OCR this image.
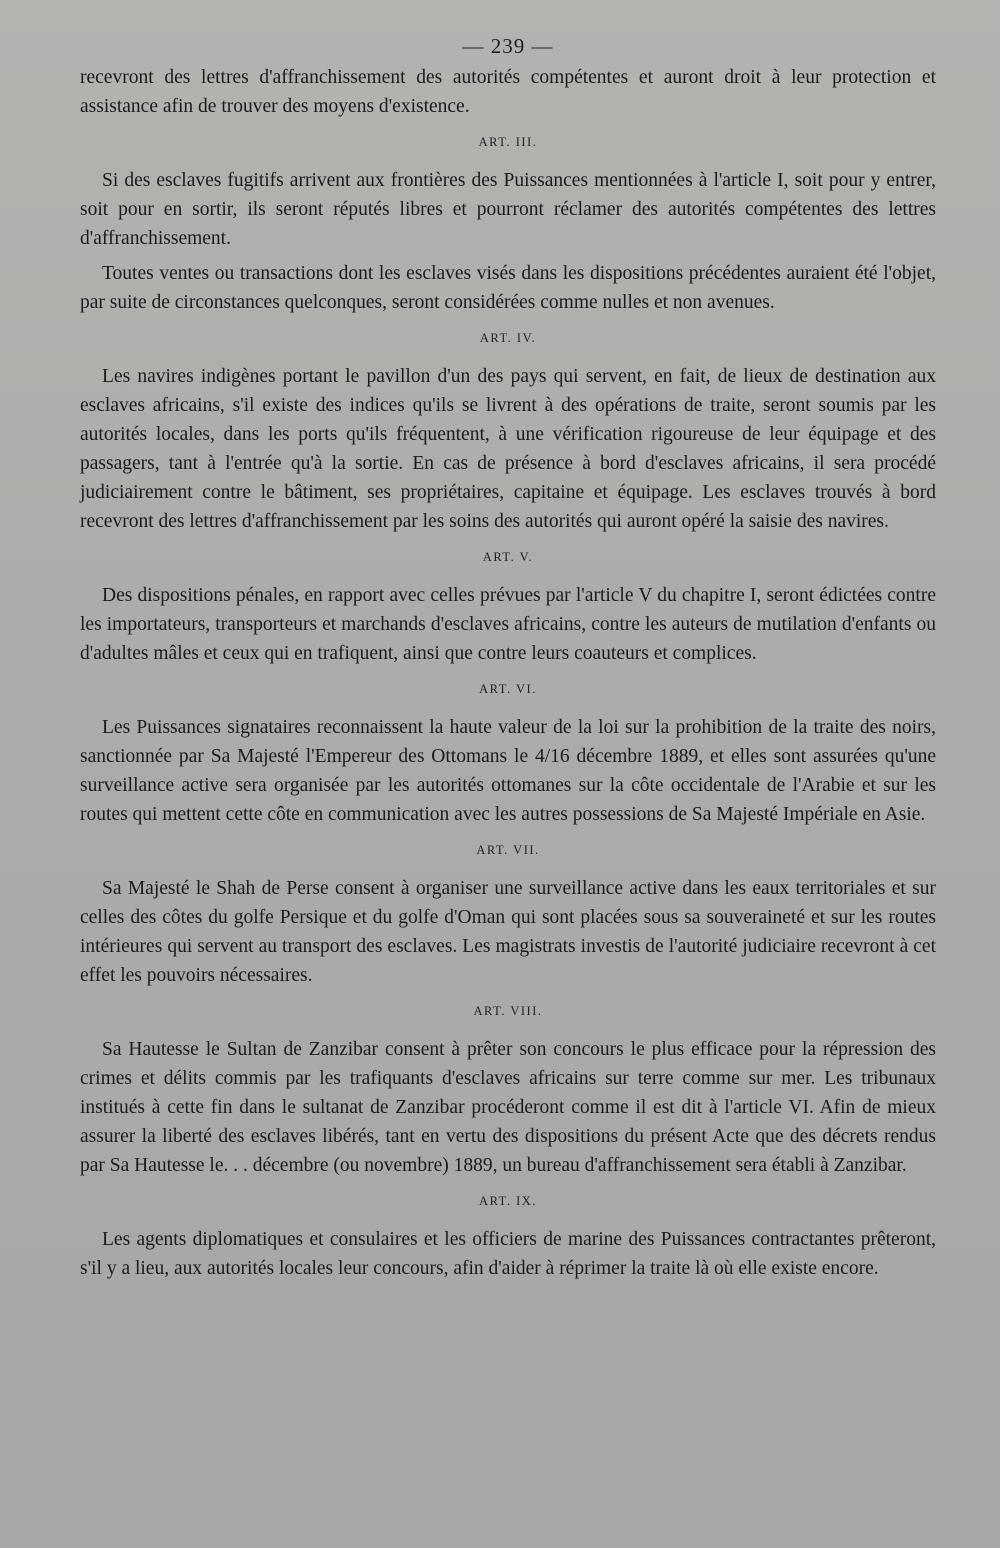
— 239 —

recevront des lettres d'affranchissement des autorités compétentes et auront droit à leur protection et assistance afin de trouver des moyens d'existence.

ART. III.

Si des esclaves fugitifs arrivent aux frontières des Puissances mentionnées à l'article I, soit pour y entrer, soit pour en sortir, ils seront réputés libres et pourront réclamer des autorités compétentes des lettres d'affranchissement.

Toutes ventes ou transactions dont les esclaves visés dans les dispositions précédentes auraient été l'objet, par suite de circonstances quelconques, seront considérées comme nulles et non avenues.

ART. IV.

Les navires indigènes portant le pavillon d'un des pays qui servent, en fait, de lieux de destination aux esclaves africains, s'il existe des indices qu'ils se livrent à des opérations de traite, seront soumis par les autorités locales, dans les ports qu'ils fréquentent, à une vérification rigoureuse de leur équipage et des passagers, tant à l'entrée qu'à la sortie. En cas de présence à bord d'esclaves africains, il sera procédé judiciairement contre le bâtiment, ses propriétaires, capitaine et équipage. Les esclaves trouvés à bord recevront des lettres d'affranchissement par les soins des autorités qui auront opéré la saisie des navires.

ART. V.

Des dispositions pénales, en rapport avec celles prévues par l'article V du chapitre I, seront édictées contre les importateurs, transporteurs et marchands d'esclaves africains, contre les auteurs de mutilation d'enfants ou d'adultes mâles et ceux qui en trafiquent, ainsi que contre leurs coauteurs et complices.

ART. VI.

Les Puissances signataires reconnaissent la haute valeur de la loi sur la prohibition de la traite des noirs, sanctionnée par Sa Majesté l'Empereur des Ottomans le 4/16 décembre 1889, et elles sont assurées qu'une surveillance active sera organisée par les autorités ottomanes sur la côte occidentale de l'Arabie et sur les routes qui mettent cette côte en communication avec les autres possessions de Sa Majesté Impériale en Asie.

ART. VII.

Sa Majesté le Shah de Perse consent à organiser une surveillance active dans les eaux territoriales et sur celles des côtes du golfe Persique et du golfe d'Oman qui sont placées sous sa souveraineté et sur les routes intérieures qui servent au transport des esclaves. Les magistrats investis de l'autorité judiciaire recevront à cet effet les pouvoirs nécessaires.

ART. VIII.

Sa Hautesse le Sultan de Zanzibar consent à prêter son concours le plus efficace pour la répression des crimes et délits commis par les trafiquants d'esclaves africains sur terre comme sur mer. Les tribunaux institués à cette fin dans le sultanat de Zanzibar procéderont comme il est dit à l'article VI. Afin de mieux assurer la liberté des esclaves libérés, tant en vertu des dispositions du présent Acte que des décrets rendus par Sa Hautesse le. . . décembre (ou novembre) 1889, un bureau d'affranchissement sera établi à Zanzibar.

ART. IX.

Les agents diplomatiques et consulaires et les officiers de marine des Puissances contractantes prêteront, s'il y a lieu, aux autorités locales leur concours, afin d'aider à réprimer la traite là où elle existe encore.
